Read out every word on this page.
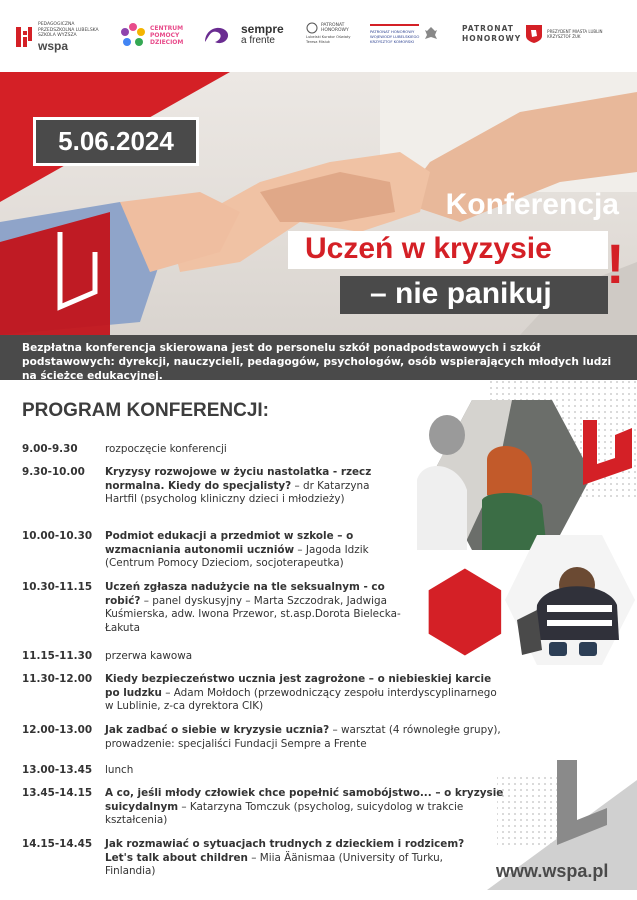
PEDAGOGICZNA PRZEDSZKOLNA LUBELSKA SZKOLA WYŻSZA
wspa
CENTRUM
POMOCY
DZIECIOM
sempre
a frente
PATRONAT
HONOROWY
Lubelski Kurator Oświaty Teresa Misiuk
PATRONAT HONOROWY
WOJEWODY LUBELSKIEGO
KRZYSZTOF KOMORSKI
PATRONAT
HONOROWY
PREZYDENT MIASTA LUBLIN
KRZYSZTOF ŻUK
5.06.2024
Konferencja
Uczeń w kryzysie
– nie panikuj !
Bezpłatna konferencja skierowana jest do personelu szkół ponadpodstawowych i szkół podstawowych: dyrekcji, nauczycieli, pedagogów, psychologów, osób wspierających młodych ludzi na ścieżce edukacyjnej.
PROGRAM KONFERENCJI:
9.00-9.30	rozpoczęcie konferencji
9.30-10.00	Kryzysy rozwojowe w życiu nastolatka - rzecz normalna. Kiedy do specjalisty? – dr Katarzyna Hartfil (psycholog kliniczny dzieci i młodzieży)
10.00-10.30	Podmiot edukacji a przedmiot w szkole – o wzmacniania autonomii uczniów – Jagoda Idzik (Centrum Pomocy Dzieciom, socjoterapeutka)
10.30-11.15	Uczeń zgłasza nadużycie na tle seksualnym - co robić? – panel dyskusyjny – Marta Szczodrak, Jadwiga Kuśmierska, adw. Iwona Przewor, st.asp.Dorota Bielecka-Łakuta
11.15-11.30	przerwa kawowa
11.30-12.00	Kiedy bezpieczeństwo ucznia jest zagrożone – o niebieskiej karcie po ludzku – Adam Mołdoch (przewodniczący zespołu interdyscyplinarnego w Lublinie, z-ca dyrektora CIK)
12.00-13.00	Jak zadbać o siebie w kryzysie ucznia? – warsztat (4 równoległe grupy), prowadzenie: specjaliści Fundacji Sempre a Frente
13.00-13.45	lunch
13.45-14.15	A co, jeśli młody człowiek chce popełnić samobójstwo... – o kryzysie suicydalnym – Katarzyna Tomczuk (psycholog, suicydolog w trakcie kształcenia)
14.15-14.45	Jak rozmawiać o sytuacjach trudnych z dzieckiem i rodzicem? Let's talk about children – Miia Äänismaa (University of Turku, Finlandia)	www.wspa.pl
